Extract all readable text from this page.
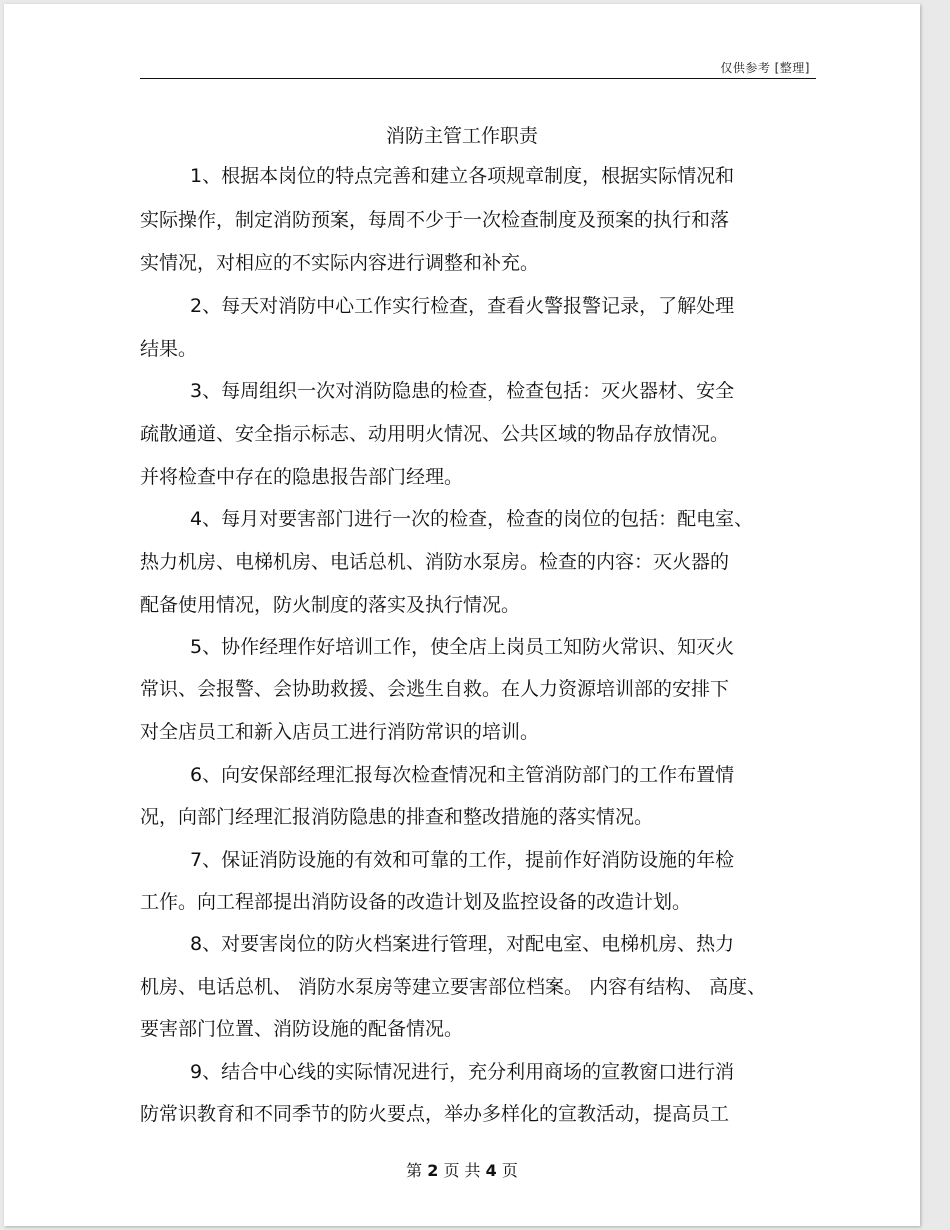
仅供参考 [整理]
消防主管工作职责
1、根据本岗位的特点完善和建立各项规章制度，根据实际情况和
实际操作，制定消防预案，每周不少于一次检查制度及预案的执行和落
实情况，对相应的不实际内容进行调整和补充。
2、每天对消防中心工作实行检查，查看火警报警记录，了解处理
结果。
3、每周组织一次对消防隐患的检查，检查包括：灭火器材、安全
疏散通道、安全指示标志、动用明火情况、公共区域的物品存放情况。
并将检查中存在的隐患报告部门经理。
4、每月对要害部门进行一次的检查，检查的岗位的包括：配电室、
热力机房、电梯机房、电话总机、消防水泵房。检查的内容：灭火器的
配备使用情况，防火制度的落实及执行情况。
5、协作经理作好培训工作，使全店上岗员工知防火常识、知灭火
常识、会报警、会协助救援、会逃生自救。在人力资源培训部的安排下
对全店员工和新入店员工进行消防常识的培训。
6、向安保部经理汇报每次检查情况和主管消防部门的工作布置情
况，向部门经理汇报消防隐患的排查和整改措施的落实情况。
7、保证消防设施的有效和可靠的工作，提前作好消防设施的年检
工作。向工程部提出消防设备的改造计划及监控设备的改造计划。
8、对要害岗位的防火档案进行管理，对配电室、电梯机房、热力
机房、电话总机、 消防水泵房等建立要害部位档案。 内容有结构、 高度、
要害部门位置、消防设施的配备情况。
9、结合中心线的实际情况进行，充分利用商场的宣教窗口进行消
防常识教育和不同季节的防火要点，举办多样化的宣教活动，提高员工
第 2 页 共 4 页
